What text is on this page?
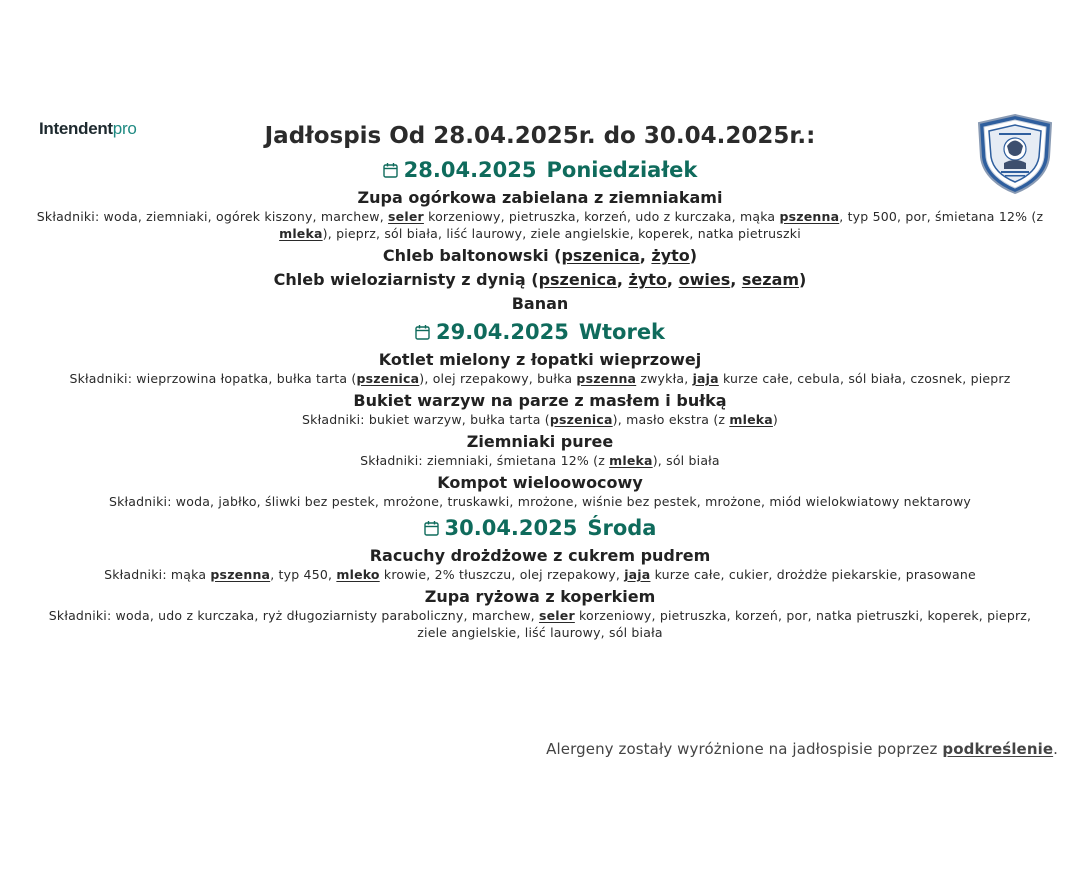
Intendentpro	Jadłospis Od 28.04.2025r. do 30.04.2025r.:
28.04.2025 Poniedziałek
Zupa ogórkowa zabielana z ziemniakami
Składniki: woda, ziemniaki, ogórek kiszony, marchew, seler korzeniowy, pietruszka, korzeń, udo z kurczaka, mąka pszenna, typ 500, por, śmietana 12% (z mleka), pieprz, sól biała, liść laurowy, ziele angielskie, koperek, natka pietruszki
Chleb baltonowski (pszenica, żyto)
Chleb wieloziarnisty z dynią (pszenica, żyto, owies, sezam)
Banan
29.04.2025 Wtorek
Kotlet mielony z łopatki wieprzowej
Składniki: wieprzowina łopatka, bułka tarta (pszenica), olej rzepakowy, bułka pszenna zwykła, jaja kurze całe, cebula, sól biała, czosnek, pieprz
Bukiet warzyw na parze z masłem i bułką
Składniki: bukiet warzyw, bułka tarta (pszenica), masło ekstra (z mleka)
Ziemniaki puree
Składniki: ziemniaki, śmietana 12% (z mleka), sól biała
Kompot wieloowocowy
Składniki: woda, jabłko, śliwki bez pestek, mrożone, truskawki, mrożone, wiśnie bez pestek, mrożone, miód wielokwiatowy nektarowy
30.04.2025 Środa
Racuchy drożdżowe z cukrem pudrem
Składniki: mąka pszenna, typ 450, mleko krowie, 2% tłuszczu, olej rzepakowy, jaja kurze całe, cukier, drożdże piekarskie, prasowane
Zupa ryżowa z koperkiem
Składniki: woda, udo z kurczaka, ryż długoziarnisty paraboliczny, marchew, seler korzeniowy, pietruszka, korzeń, por, natka pietruszki, koperek, pieprz, ziele angielskie, liść laurowy, sól biała
Alergeny zostały wyróżnione na jadłospisie poprzez podkreślenie.
